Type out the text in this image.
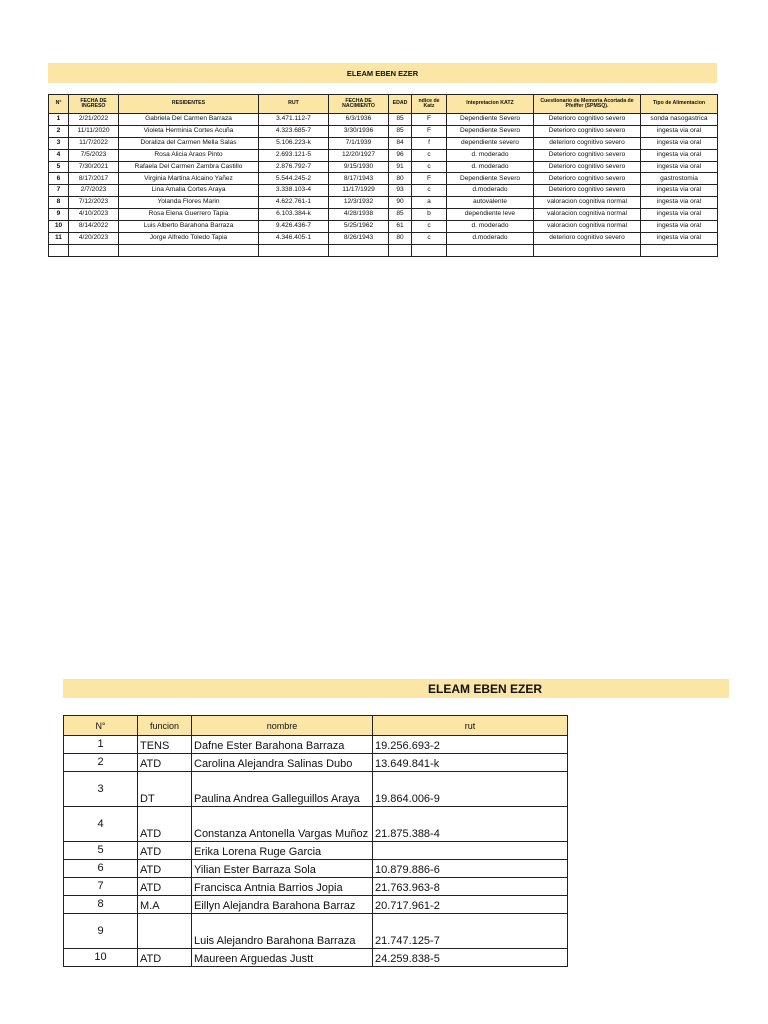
ELEAM EBEN EZER
N°	FECHA DE INGRESO	RESIDENTES	RUT	FECHA DE NACIMIENTO	EDAD	ndice de Katz	Intepretacion KATZ	Cuestionario de Memoria Acortada de Pfeiffer (SPMSQ).	Tipo de Alimentacion
1	2/21/2022	Gabriela Del Carmen Barraza	3.471.112-7	6/3/1936	85	F	Dependiente Severo	Deterioro cognitivo severo	sonda nasogastrica
2	11/11/2020	Violeta Herminia Cortes Acuña	4.323.685-7	3/30/1936	85	F	Dependiente Severo	Deterioro cognitivo severo	ingesta via oral
3	11/7/2022	Doraliza del Carmen Mella Salas	5.106.223-k	7/1/1939	84	f	dependiente severo	deterioro cognitivo severo	ingesta via oral
4	7/5/2023	Rosa Alicia Araos Pinto	2.693.121-5	12/20/1927	96	c	d. moderado	Deterioro cognitivo severo	ingesta via oral
5	7/30/2021	Rafaela Del Carmen Zambra Castillo	2.876.792-7	9/15/1930	91	c	d. moderado	Deterioro cognitivo severo	ingesta via oral
6	8/17/2017	Virginia Martina Alcaino Yañez	5.544.245-2	8/17/1943	80	F	Dependiente Severo	Deterioro cognitivo severo	gastrostomia
7	2/7/2023	Lina Amalia Cortes Araya	3.338.103-4	11/17/1929	93	c	d.moderado	Deterioro cognitivo severo	ingesta via oral
8	7/12/2023	Yolanda Flores Marin	4.622.761-1	12/3/1932	90	a	autovalente	valoracion cognitiva normal	ingesta via oral
9	4/10/2023	Rosa Elena Guerrero Tapia	6.103.384-k	4/28/1938	85	b	dependiente leve	valoracion cognitiva normal	ingesta via oral
10	8/14/2022	Luis Alberto Barahona Barraza	9.426.436-7	5/25/1962	61	c	d. moderado	valoracion cognitiva normal	ingesta via oral
11	4/20/2023	Jorge Alfredo Toledo Tapia	4.346.405-1	8/26/1943	80	c	d.moderado	deterioro cognitivo severo	ingesta via oral

ELEAM EBEN EZER
N°	funcion	nombre	rut
1	TENS	Dafne Ester Barahona Barraza	19.256.693-2
2	ATD	Carolina Alejandra Salinas Dubo	13.649.841-k
3	DT	Paulina Andrea Galleguillos Araya	19.864.006-9
4	ATD	Constanza Antonella Vargas Muñoz	21.875.388-4
5	ATD	Erika Lorena Ruge Garcia	
6	ATD	Yilian Ester Barraza Sola	10.879.886-6
7	ATD	Francisca Antnia Barrios Jopia	21.763.963-8
8	M.A	Eillyn Alejandra Barahona Barraz	20.717.961-2
9		Luis Alejandro Barahona Barraza	21.747.125-7
10	ATD	Maureen Arguedas Justt	24.259.838-5
